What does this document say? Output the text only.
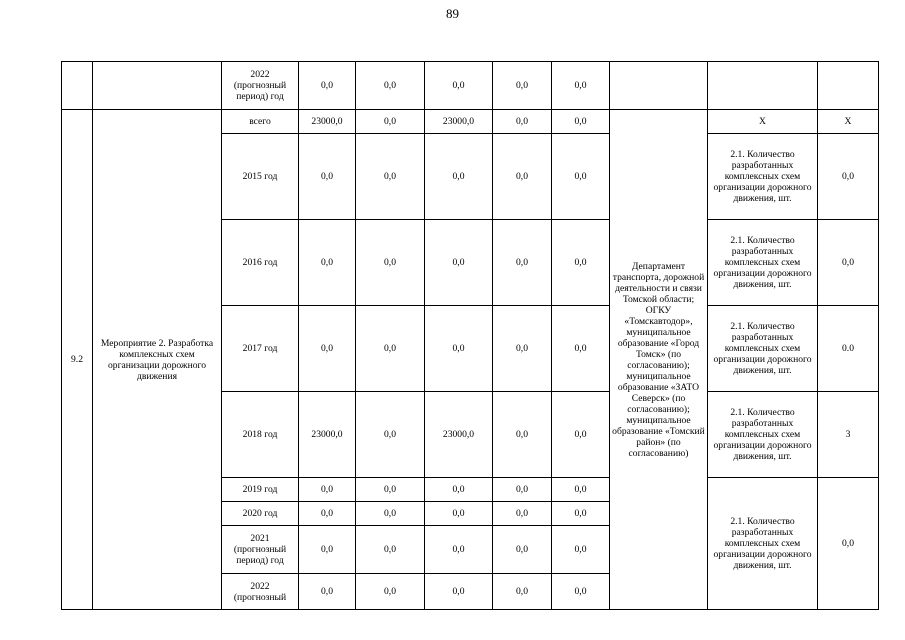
89
		2022 (прогнозный период) год	0,0	0,0	0,0	0,0	0,0			
9.2	Мероприятие 2. Разработка комплексных схем организации дорожного движения	всего	23000,0	0,0	23000,0	0,0	0,0	Департамент транспорта, дорожной деятельности и связи Томской области; ОГКУ «Томскавтодор», муниципальное образование «Город Томск» (по согласованию); муниципальное образование «ЗАТО Северск» (по согласованию); муниципальное образование «Томский район» (по согласованию)	X	X
		2015 год	0,0	0,0	0,0	0,0	0,0		2.1. Количество разработанных комплексных схем организации дорожного движения, шт.	0,0
		2016 год	0,0	0,0	0,0	0,0	0,0		2.1. Количество разработанных комплексных схем организации дорожного движения, шт.	0,0
		2017 год	0,0	0,0	0,0	0,0	0,0		2.1. Количество разработанных комплексных схем организации дорожного движения, шт.	0.0
		2018 год	23000,0	0,0	23000,0	0,0	0,0		2.1. Количество разработанных комплексных схем организации дорожного движения, шт.	3
		2019 год	0,0	0,0	0,0	0,0	0,0		2.1. Количество разработанных комплексных схем организации дорожного движения, шт.	0,0
		2020 год	0,0	0,0	0,0	0,0	0,0			
		2021 (прогнозный период) год	0,0	0,0	0,0	0,0	0,0			
		2022 (прогнозный	0,0	0,0	0,0	0,0	0,0			
